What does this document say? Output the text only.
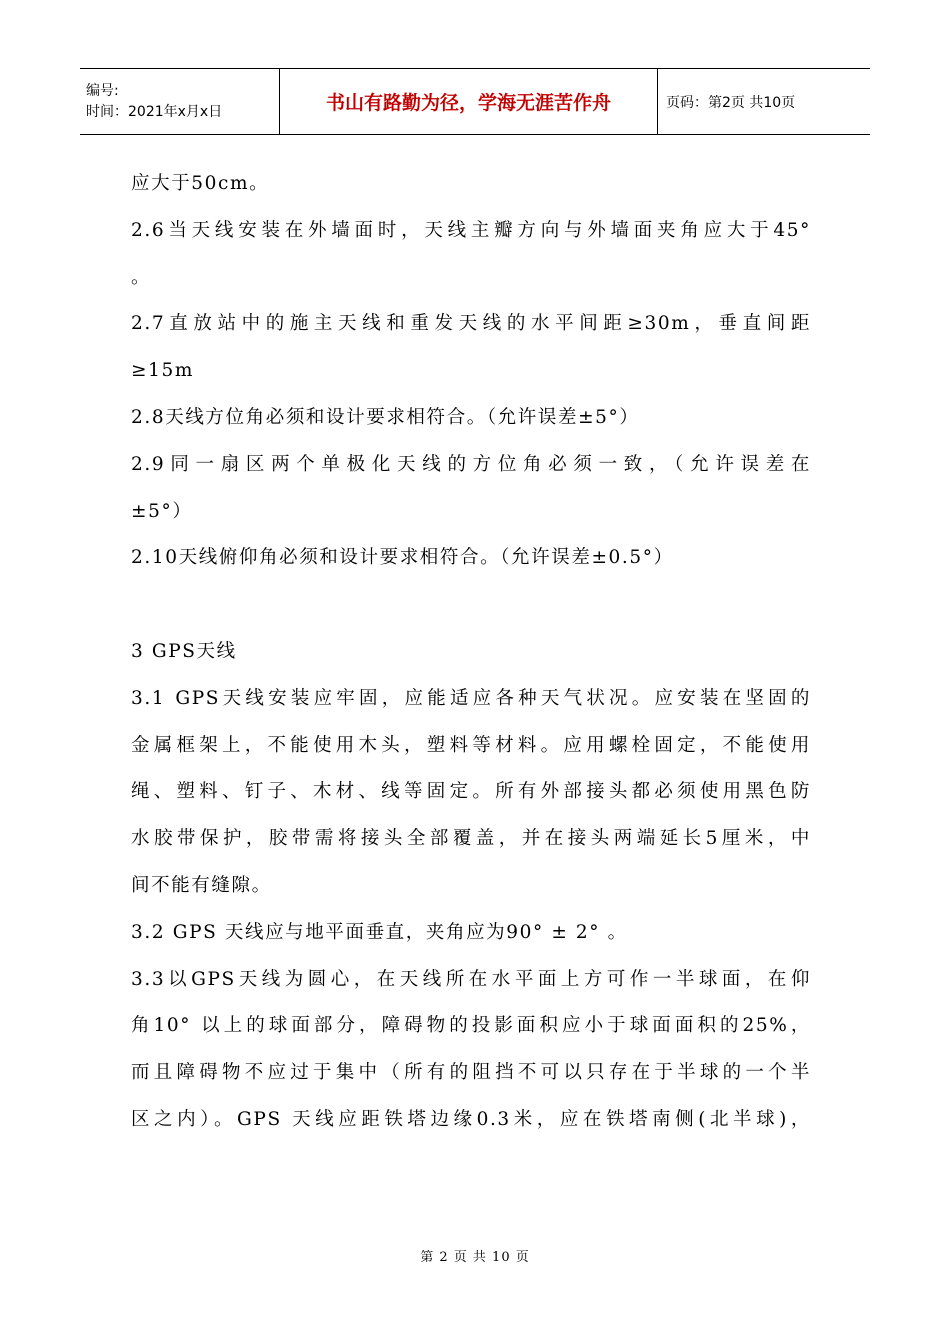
编号:
时间：2021年x月x日	书山有路勤为径，学海无涯苦作舟	页码：第2页 共10页
应大于50cm。
2.6当天线安装在外墙面时，天线主瓣方向与外墙面夹角应大于45°
。
2.7直放站中的施主天线和重发天线的水平间距≥30m，垂直间距
≥15m
2.8天线方位角必须和设计要求相符合。（允许误差±5°）
2.9同一扇区两个单极化天线的方位角必须一致，（允许误差在
±5°）
2.10天线俯仰角必须和设计要求相符合。（允许误差±0.5°）
3 GPS天线
3.1 GPS天线安装应牢固，应能适应各种天气状况。应安装在坚固的
金属框架上，不能使用木头，塑料等材料。应用螺栓固定，不能使用
绳、塑料、钉子、木材、线等固定。所有外部接头都必须使用黑色防
水胶带保护，胶带需将接头全部覆盖，并在接头两端延长5厘米，中
间不能有缝隙。
3.2 GPS 天线应与地平面垂直，夹角应为90° ± 2° 。
3.3以GPS天线为圆心，在天线所在水平面上方可作一半球面，在仰
角10° 以上的球面部分，障碍物的投影面积应小于球面面积的25%，
而且障碍物不应过于集中（所有的阻挡不可以只存在于半球的一个半
区之内）。GPS 天线应距铁塔边缘0.3米，应在铁塔南侧(北半球)，
第 2 页 共 10 页
